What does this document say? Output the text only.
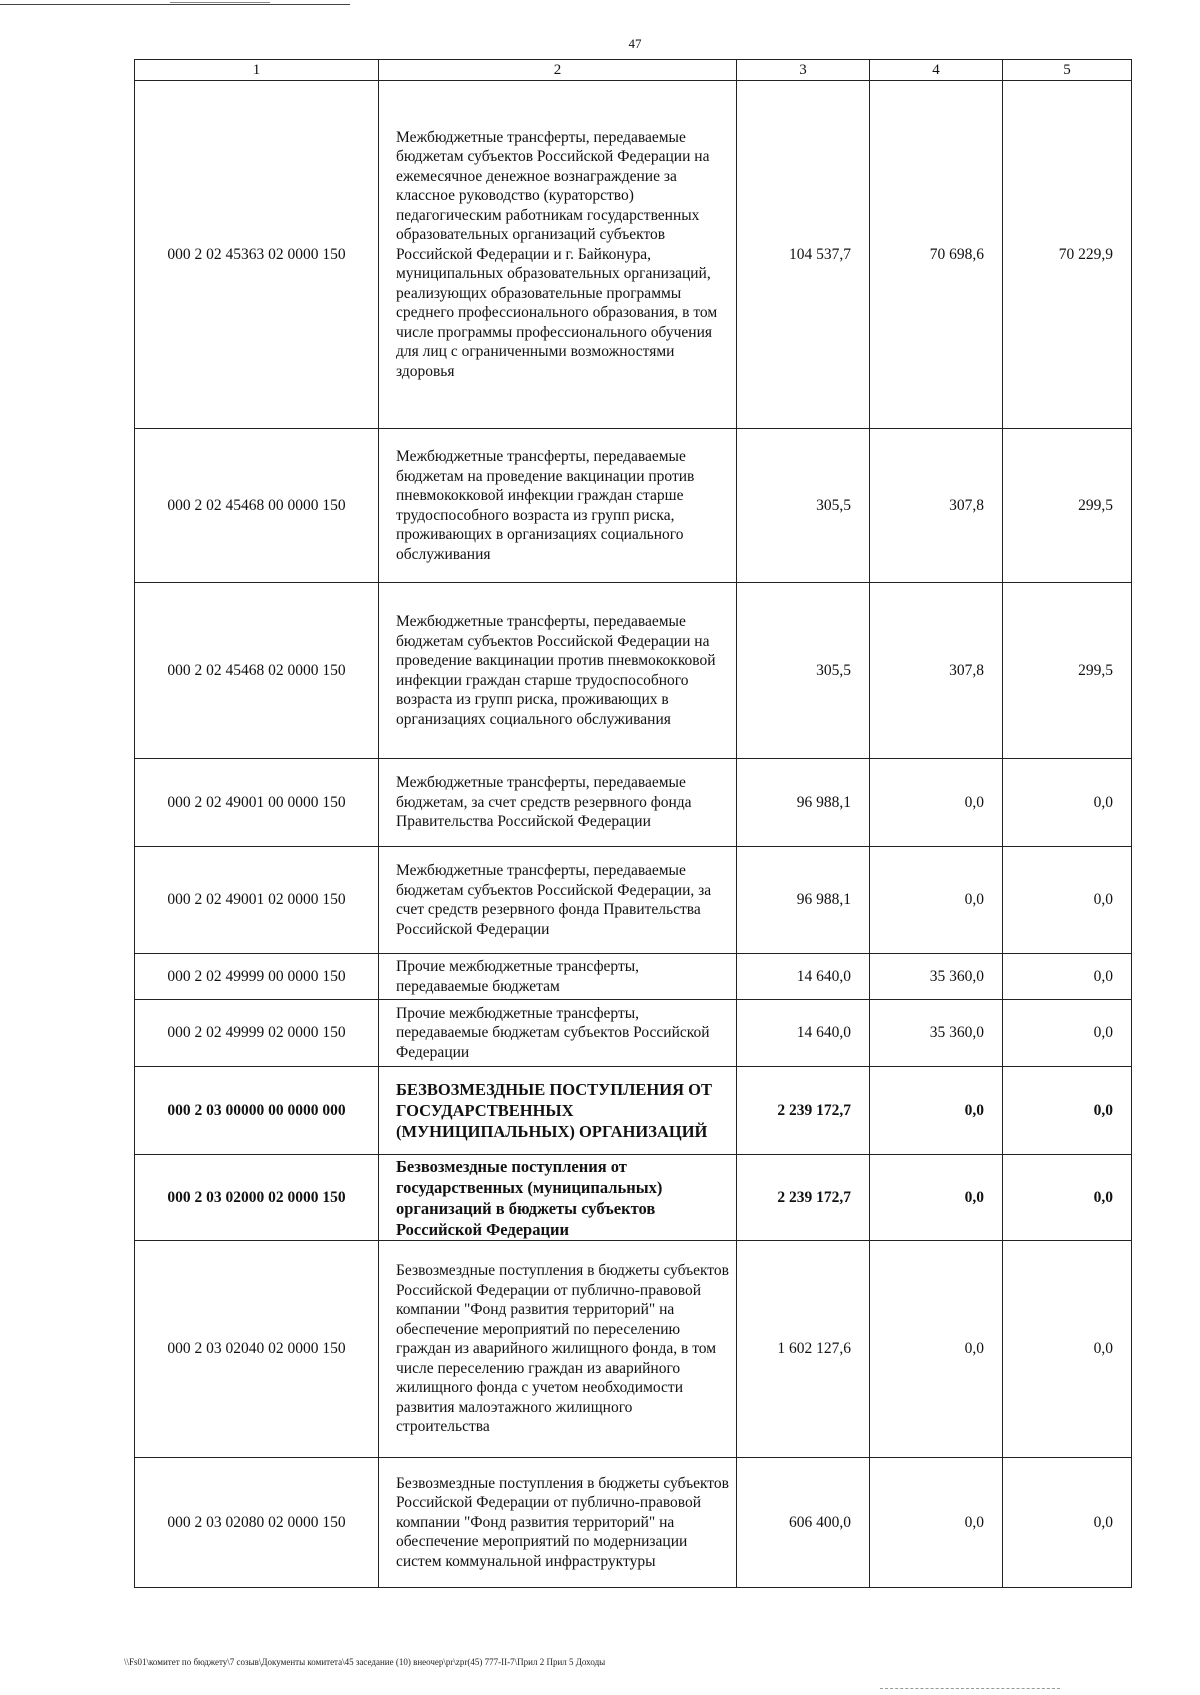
47
1	2	3	4	5
000 2 02 45363 02 0000 150	Межбюджетные трансферты, передаваемые бюджетам субъектов Российской Федерации на ежемесячное денежное вознаграждение за классное руководство (кураторство) педагогическим работникам государственных образовательных организаций субъектов Российской Федерации и г. Байконура, муниципальных образовательных организаций, реализующих образовательные программы среднего профессионального образования, в том числе программы профессионального обучения для лиц с ограниченными возможностями здоровья	104 537,7	70 698,6	70 229,9
000 2 02 45468 00 0000 150	Межбюджетные трансферты, передаваемые бюджетам на проведение вакцинации против пневмококковой инфекции граждан старше трудоспособного возраста из групп риска, проживающих в организациях социального обслуживания	305,5	307,8	299,5
000 2 02 45468 02 0000 150	Межбюджетные трансферты, передаваемые бюджетам субъектов Российской Федерации на проведение вакцинации против пневмококковой инфекции граждан старше трудоспособного возраста из групп риска, проживающих в организациях социального обслуживания	305,5	307,8	299,5
000 2 02 49001 00 0000 150	Межбюджетные трансферты, передаваемые бюджетам, за счет средств резервного фонда Правительства Российской Федерации	96 988,1	0,0	0,0
000 2 02 49001 02 0000 150	Межбюджетные трансферты, передаваемые бюджетам субъектов Российской Федерации, за счет средств резервного фонда Правительства Российской Федерации	96 988,1	0,0	0,0
000 2 02 49999 00 0000 150	Прочие межбюджетные трансферты, передаваемые бюджетам	14 640,0	35 360,0	0,0
000 2 02 49999 02 0000 150	Прочие межбюджетные трансферты, передаваемые бюджетам субъектов Российской Федерации	14 640,0	35 360,0	0,0
000 2 03 00000 00 0000 000	БЕЗВОЗМЕЗДНЫЕ ПОСТУПЛЕНИЯ ОТ ГОСУДАРСТВЕННЫХ (МУНИЦИПАЛЬНЫХ) ОРГАНИЗАЦИЙ	2 239 172,7	0,0	0,0
000 2 03 02000 02 0000 150	Безвозмездные поступления от государственных (муниципальных) организаций в бюджеты субъектов Российской Федерации	2 239 172,7	0,0	0,0
000 2 03 02040 02 0000 150	Безвозмездные поступления в бюджеты субъектов Российской Федерации от публично-правовой компании "Фонд развития территорий" на обеспечение мероприятий по переселению граждан из аварийного жилищного фонда, в том числе переселению граждан из аварийного жилищного фонда с учетом необходимости развития малоэтажного жилищного строительства	1 602 127,6	0,0	0,0
000 2 03 02080 02 0000 150	Безвозмездные поступления в бюджеты субъектов Российской Федерации от публично-правовой компании "Фонд развития территорий" на обеспечение мероприятий по модернизации систем коммунальной инфраструктуры	606 400,0	0,0	0,0
\\Fs01\комитет по бюджету\7 созыв\Документы комитета\45 заседание (10) внеочер\pr\zpr(45) 777-II-7\Прил 2 Прил 5 Доходы
